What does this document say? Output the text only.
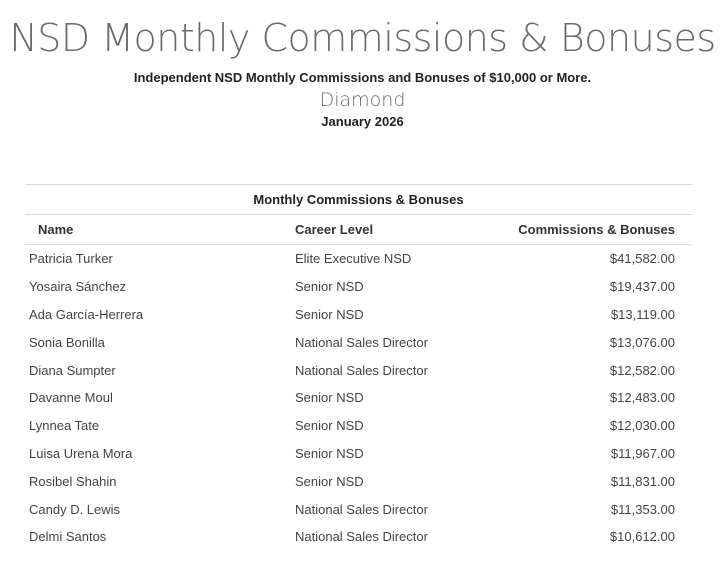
NSD Monthly Commissions & Bonuses

Independent NSD Monthly Commissions and Bonuses of $10,000 or More.

Diamond

January 2026

Monthly Commissions & Bonuses		
Name	Career Level	Commissions & Bonuses
Patricia Turker	Elite Executive NSD	$41,582.00
Yosaira Sánchez	Senior NSD	$19,437.00
Ada García-Herrera	Senior NSD	$13,119.00
Sonia Bonilla	National Sales Director	$13,076.00
Diana Sumpter	National Sales Director	$12,582.00
Davanne Moul	Senior NSD	$12,483.00
Lynnea Tate	Senior NSD	$12,030.00
Luisa Urena Mora	Senior NSD	$11,967.00
Rosibel Shahin	Senior NSD	$11,831.00
Candy D. Lewis	National Sales Director	$11,353.00
Delmi Santos	National Sales Director	$10,612.00
